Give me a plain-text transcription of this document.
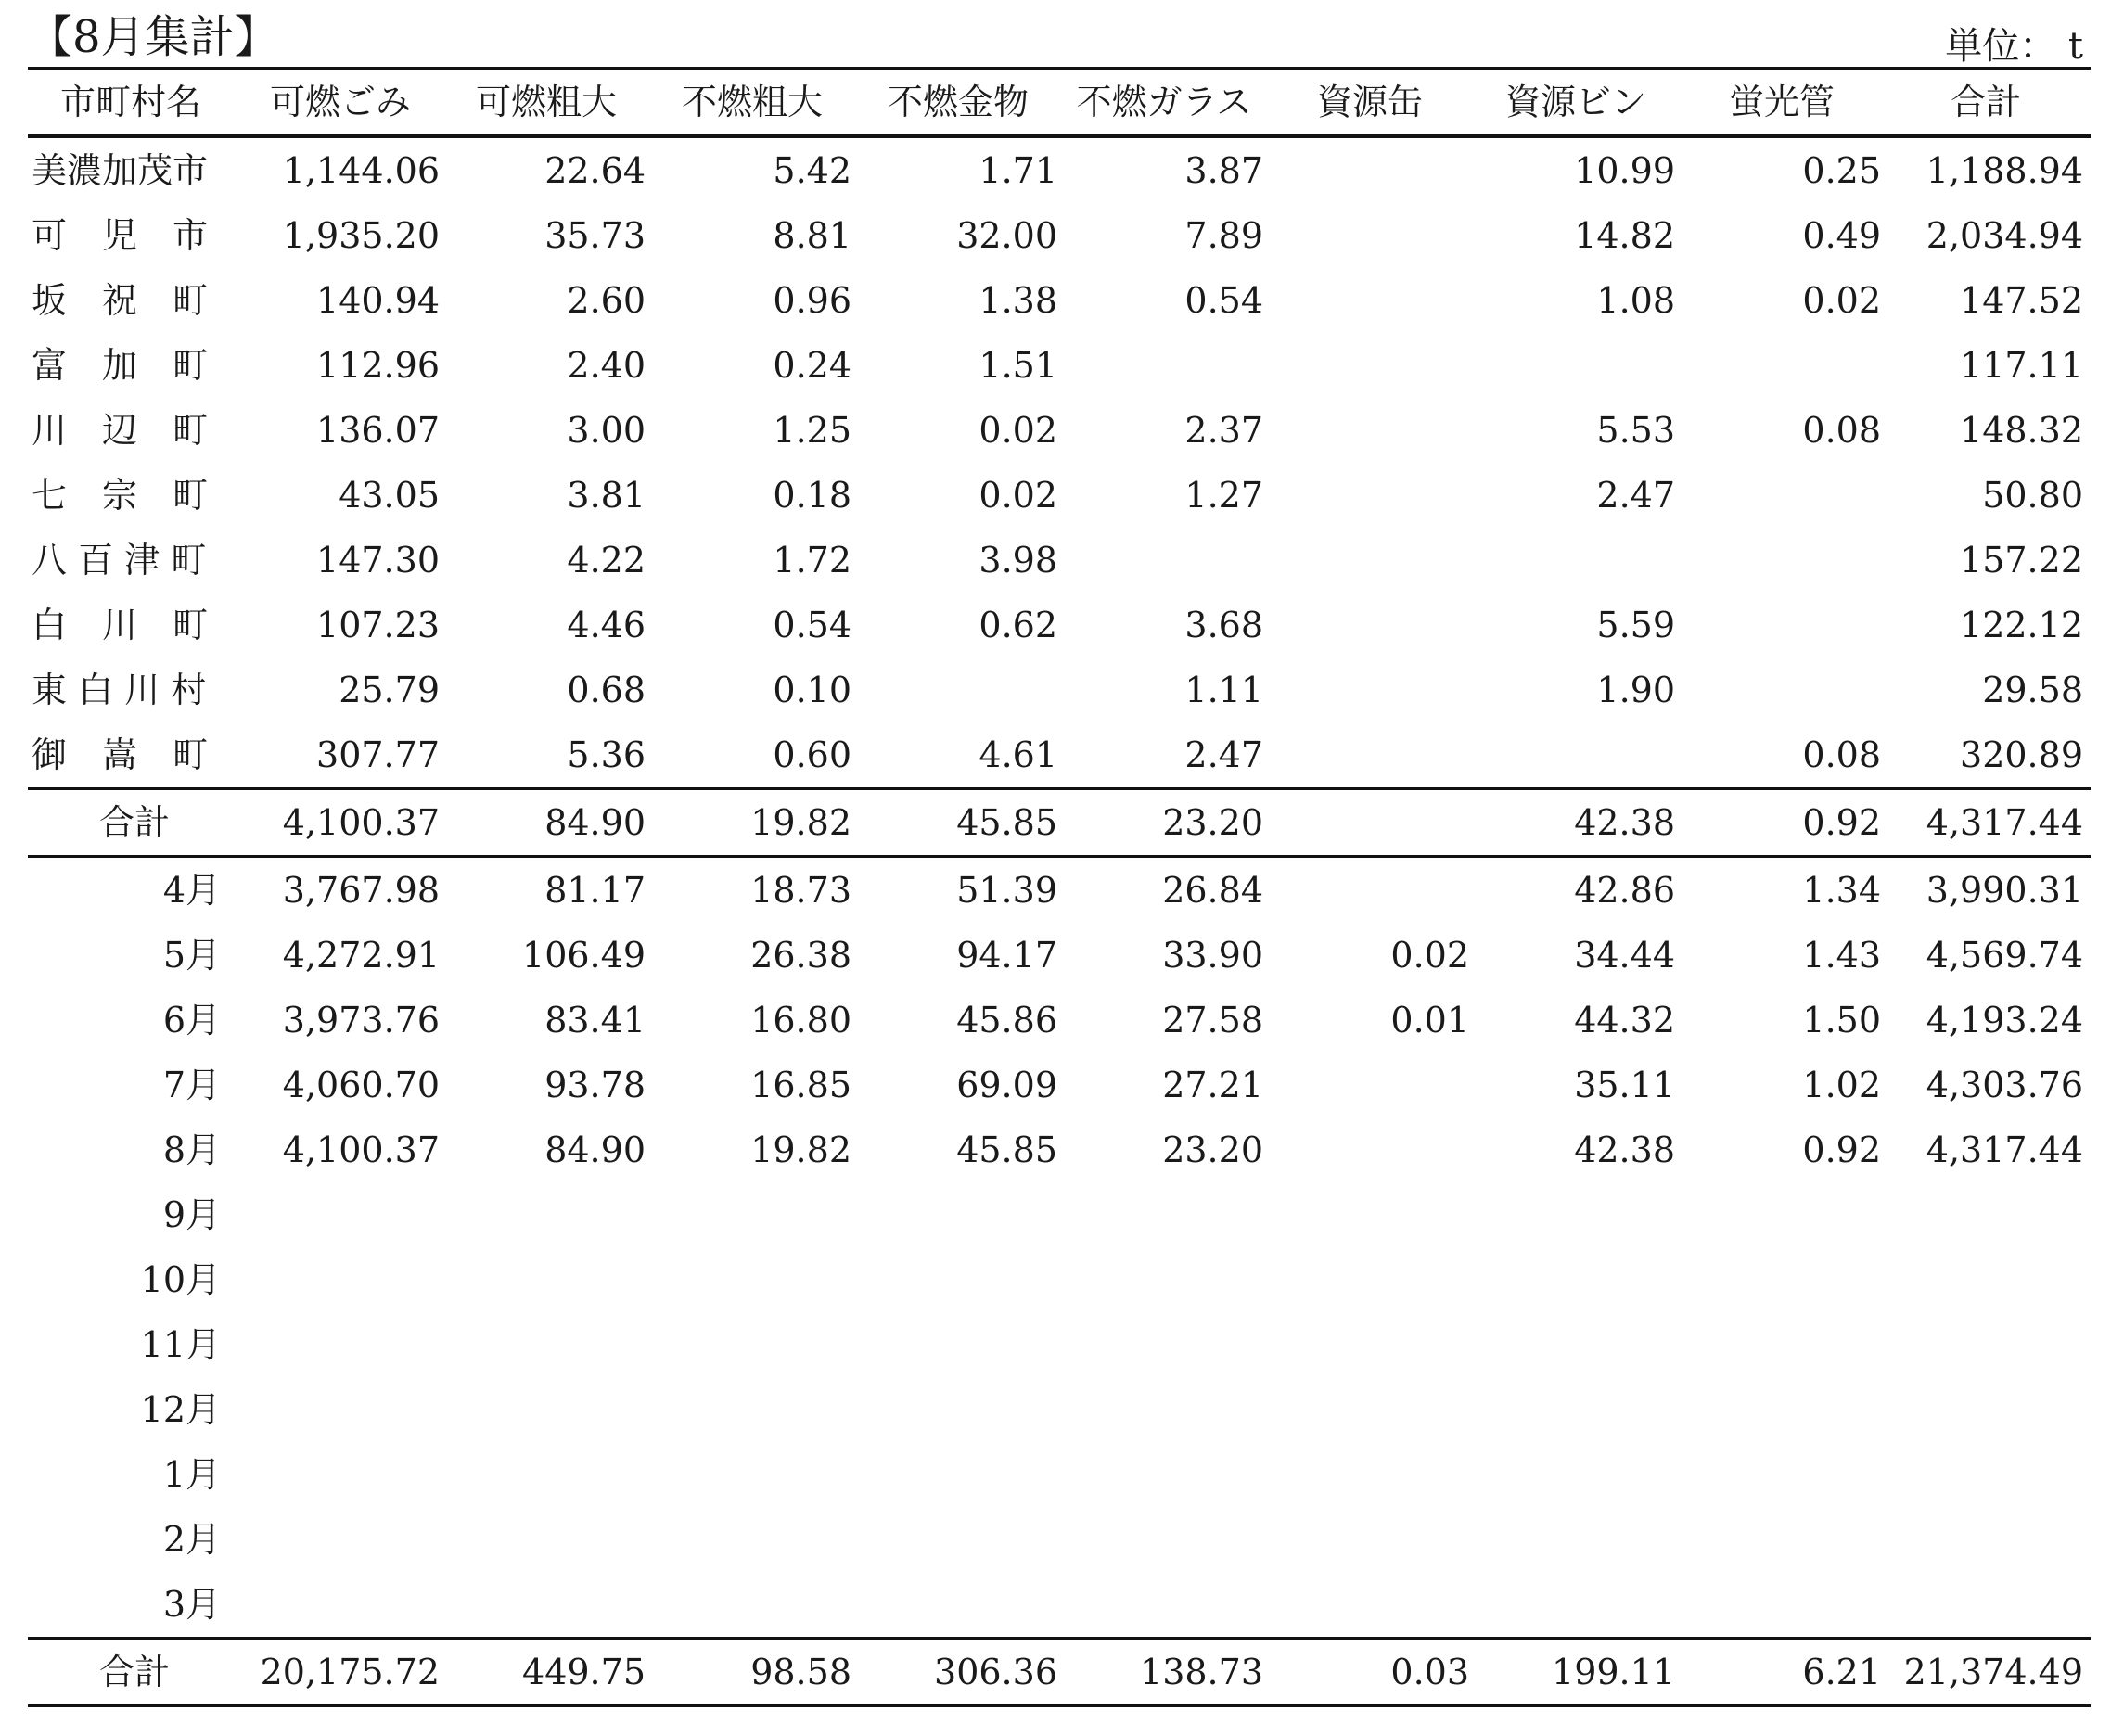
【8月集計】	単位： t
市町村名	可燃ごみ	可燃粗大	不燃粗大	不燃金物	不燃ガラス	資源缶	資源ビン	蛍光管	合計
美濃加茂市	1,144.06	22.64	5.42	1.71	3.87		10.99	0.25	1,188.94
可　児　市	1,935.20	35.73	8.81	32.00	7.89		14.82	0.49	2,034.94
坂　祝　町	140.94	2.60	0.96	1.38	0.54		1.08	0.02	147.52
富　加　町	112.96	2.40	0.24	1.51					117.11
川　辺　町	136.07	3.00	1.25	0.02	2.37		5.53	0.08	148.32
七　宗　町	43.05	3.81	0.18	0.02	1.27		2.47		50.80
八 百 津 町	147.30	4.22	1.72	3.98					157.22
白　川　町	107.23	4.46	0.54	0.62	3.68		5.59		122.12
東 白 川 村	25.79	0.68	0.10		1.11		1.90		29.58
御　嵩　町	307.77	5.36	0.60	4.61	2.47			0.08	320.89
合計	4,100.37	84.90	19.82	45.85	23.20		42.38	0.92	4,317.44
4月	3,767.98	81.17	18.73	51.39	26.84		42.86	1.34	3,990.31
5月	4,272.91	106.49	26.38	94.17	33.90	0.02	34.44	1.43	4,569.74
6月	3,973.76	83.41	16.80	45.86	27.58	0.01	44.32	1.50	4,193.24
7月	4,060.70	93.78	16.85	69.09	27.21		35.11	1.02	4,303.76
8月	4,100.37	84.90	19.82	45.85	23.20		42.38	0.92	4,317.44
9月									
10月									
11月									
12月									
1月									
2月									
3月									
合計	20,175.72	449.75	98.58	306.36	138.73	0.03	199.11	6.21	21,374.49
